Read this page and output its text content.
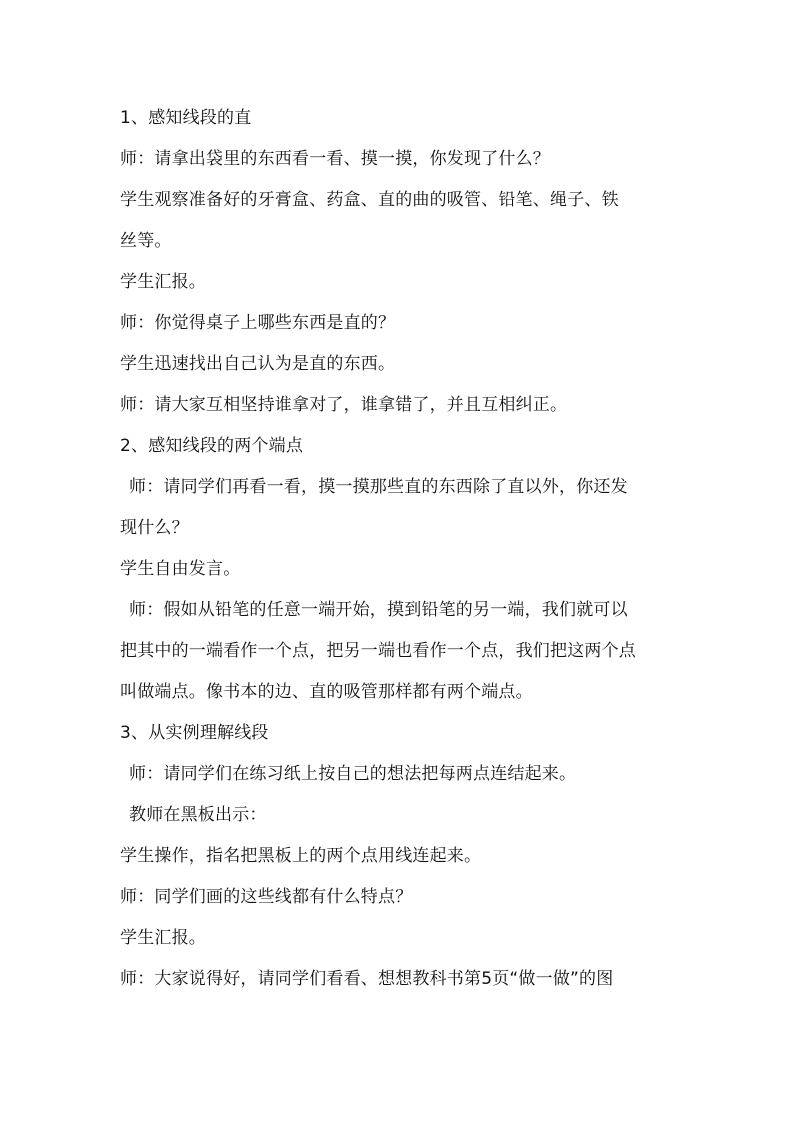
1、感知线段的直
师：请拿出袋里的东西看一看、摸一摸，你发现了什么？
学生观察准备好的牙膏盒、药盒、直的曲的吸管、铅笔、绳子、铁
丝等。
学生汇报。
师：你觉得桌子上哪些东西是直的？
学生迅速找出自己认为是直的东西。
师：请大家互相坚持谁拿对了，谁拿错了，并且互相纠正。
2、感知线段的两个端点
师：请同学们再看一看，摸一摸那些直的东西除了直以外，你还发
现什么？
学生自由发言。
师：假如从铅笔的任意一端开始，摸到铅笔的另一端，我们就可以
把其中的一端看作一个点，把另一端也看作一个点，我们把这两个点
叫做端点。像书本的边、直的吸管那样都有两个端点。
3、从实例理解线段
师：请同学们在练习纸上按自己的想法把每两点连结起来。
教师在黑板出示：
学生操作，指名把黑板上的两个点用线连起来。
师：同学们画的这些线都有什么特点？
学生汇报。
师：大家说得好，请同学们看看、想想教科书第5页“做一做”的图
